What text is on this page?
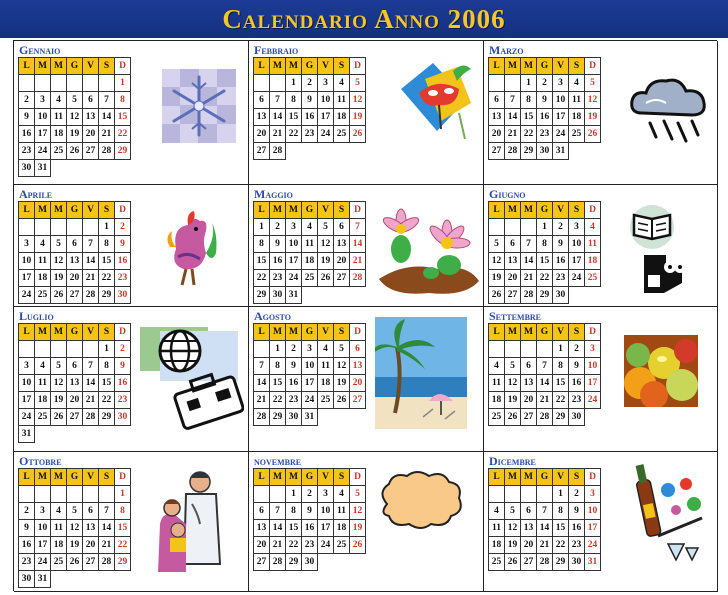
Calendario Anno 2006
Gennaio
L	M	M	G	V	S	D
						1
2	3	4	5	6	7	8
9	10	11	12	13	14	15
16	17	18	19	20	21	22
23	24	25	26	27	28	29
30	31					
Febbraio
L	M	M	G	V	S	D
		1	2	3	4	5
6	7	8	9	10	11	12
13	14	15	16	17	18	19
20	21	22	23	24	25	26
27	28					
Marzo
L	M	M	G	V	S	D
		1	2	3	4	5
6	7	8	9	10	11	12
13	14	15	16	17	18	19
20	21	22	23	24	25	26
27	28	29	30	31		
Aprile
L	M	M	G	V	S	D
					1	2
3	4	5	6	7	8	9
10	11	12	13	14	15	16
17	18	19	20	21	22	23
24	25	26	27	28	29	30
Maggio
L	M	M	G	V	S	D
1	2	3	4	5	6	7
8	9	10	11	12	13	14
15	16	17	18	19	20	21
22	23	24	25	26	27	28
29	30	31				
Giugno
L	M	M	G	V	S	D
			1	2	3	4
5	6	7	8	9	10	11
12	13	14	15	16	17	18
19	20	21	22	23	24	25
26	27	28	29	30		
Luglio
L	M	M	G	V	S	D
					1	2
3	4	5	6	7	8	9
10	11	12	13	14	15	16
17	18	19	20	21	22	23
24	25	26	27	28	29	30
31						
Agosto
L	M	M	G	V	S	D
	1	2	3	4	5	6
7	8	9	10	11	12	13
14	15	16	17	18	19	20
21	22	23	24	25	26	27
28	29	30	31			
Settembre
L	M	M	G	V	S	D
				1	2	3
4	5	6	7	8	9	10
11	12	13	14	15	16	17
18	19	20	21	22	23	24
25	26	27	28	29	30	
Ottobre
L	M	M	G	V	S	D
						1
2	3	4	5	6	7	8
9	10	11	12	13	14	15
16	17	18	19	20	21	22
23	24	25	26	27	28	29
30	31					
novembre
L	M	M	G	V	S	D
		1	2	3	4	5
6	7	8	9	10	11	12
13	14	15	16	17	18	19
20	21	22	23	24	25	26
27	28	29	30			
Dicembre
L	M	M	G	V	S	D
				1	2	3
4	5	6	7	8	9	10
11	12	13	14	15	16	17
18	19	20	21	22	23	24
25	26	27	28	29	30	31
